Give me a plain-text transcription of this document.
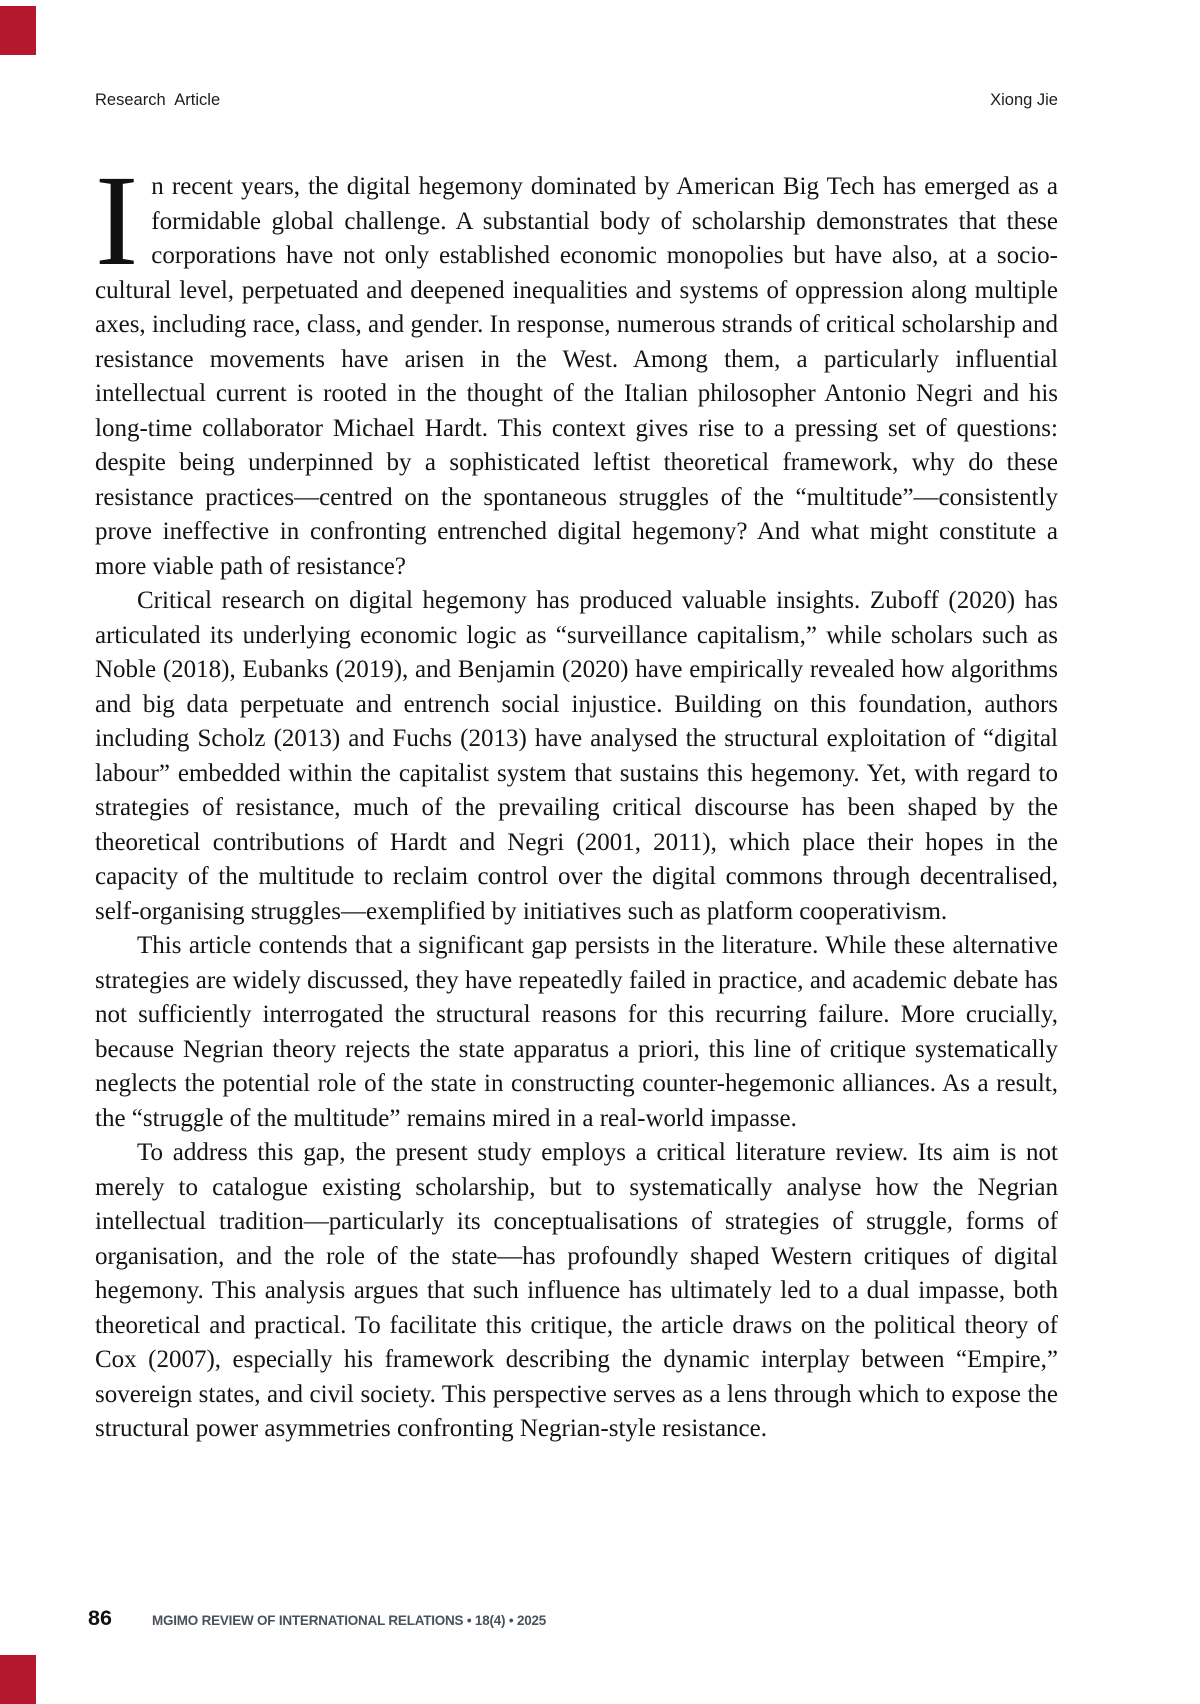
Research Article	Xiong Jie

In recent years, the digital hegemony dominated by American Big Tech has emerged as a formidable global challenge. A substantial body of scholarship demonstrates that these corporations have not only established economic monopolies but have also, at a socio-cultural level, perpetuated and deepened inequalities and systems of oppression along multiple axes, including race, class, and gender. In response, numerous strands of critical scholarship and resistance movements have arisen in the West. Among them, a particularly influential intellectual current is rooted in the thought of the Italian philosopher Antonio Negri and his long-time collaborator Michael Hardt. This context gives rise to a pressing set of questions: despite being underpinned by a sophisticated leftist theoretical framework, why do these resistance practices—centred on the spontaneous struggles of the “multitude”—consistently prove ineffective in confronting entrenched digital hegemony? And what might constitute a more viable path of resistance?

Critical research on digital hegemony has produced valuable insights. Zuboff (2020) has articulated its underlying economic logic as “surveillance capitalism,” while scholars such as Noble (2018), Eubanks (2019), and Benjamin (2020) have empirically revealed how algorithms and big data perpetuate and entrench social injustice. Building on this foundation, authors including Scholz (2013) and Fuchs (2013) have analysed the structural exploitation of “digital labour” embedded within the capitalist system that sustains this hegemony. Yet, with regard to strategies of resistance, much of the prevailing critical discourse has been shaped by the theoretical contributions of Hardt and Negri (2001, 2011), which place their hopes in the capacity of the multitude to reclaim control over the digital commons through decentralised, self-organising struggles—exemplified by initiatives such as platform cooperativism.

This article contends that a significant gap persists in the literature. While these alternative strategies are widely discussed, they have repeatedly failed in practice, and academic debate has not sufficiently interrogated the structural reasons for this recurring failure. More crucially, because Negrian theory rejects the state apparatus a priori, this line of critique systematically neglects the potential role of the state in constructing counter-hegemonic alliances. As a result, the “struggle of the multitude” remains mired in a real-world impasse.

To address this gap, the present study employs a critical literature review. Its aim is not merely to catalogue existing scholarship, but to systematically analyse how the Negrian intellectual tradition—particularly its conceptualisations of strategies of struggle, forms of organisation, and the role of the state—has profoundly shaped Western critiques of digital hegemony. This analysis argues that such influence has ultimately led to a dual impasse, both theoretical and practical. To facilitate this critique, the article draws on the political theory of Cox (2007), especially his framework describing the dynamic interplay between “Empire,” sovereign states, and civil society. This perspective serves as a lens through which to expose the structural power asymmetries confronting Negrian-style resistance.

86	MGIMO REVIEW OF INTERNATIONAL RELATIONS • 18(4) • 2025
